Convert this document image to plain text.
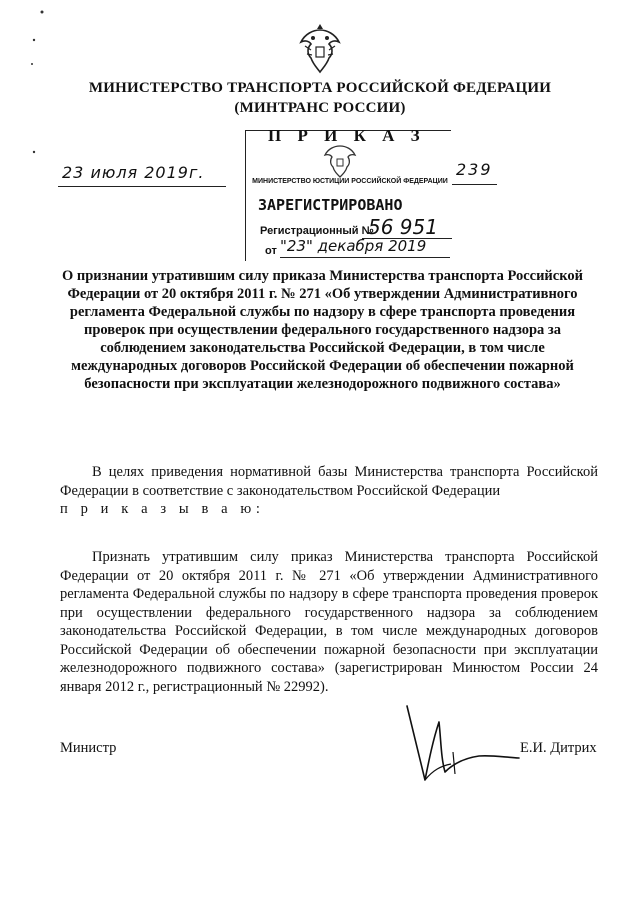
МИНИСТЕРСТВО ТРАНСПОРТА РОССИЙСКОЙ ФЕДЕРАЦИИ
(МИНТРАНС РОССИИ)
П Р И К А З
МИНИСТЕРСТВО ЮСТИЦИИ РОССИЙСКОЙ ФЕДЕРАЦИИ
ЗАРЕГИСТРИРОВАНО
Регистрационный №
56 951
от "23" декабря 2019
23 июля 2019г.	239
О признании утратившим силу приказа Министерства транспорта Российской Федерации от 20 октября 2011 г. № 271 «Об утверждении Административного регламента Федеральной службы по надзору в сфере транспорта проведения проверок при осуществлении федерального государственного надзора за соблюдением законодательства Российской Федерации, в том числе международных договоров Российской Федерации об обеспечении пожарной безопасности при эксплуатации железнодорожного подвижного состава»
В целях приведения нормативной базы Министерства транспорта Российской Федерации в соответствие с законодательством Российской Федерации
п р и к а з ы в а ю:
Признать утратившим силу приказ Министерства транспорта Российской Федерации от 20 октября 2011 г. № 271 «Об утверждении Административного регламента Федеральной службы по надзору в сфере транспорта проведения проверок при осуществлении федерального государственного надзора за соблюдением законодательства Российской Федерации, в том числе международных договоров Российской Федерации об обеспечении пожарной безопасности при эксплуатации железнодорожного подвижного состава» (зарегистрирован Минюстом России 24 января 2012 г., регистрационный № 22992).
Министр	Е.И. Дитрих
